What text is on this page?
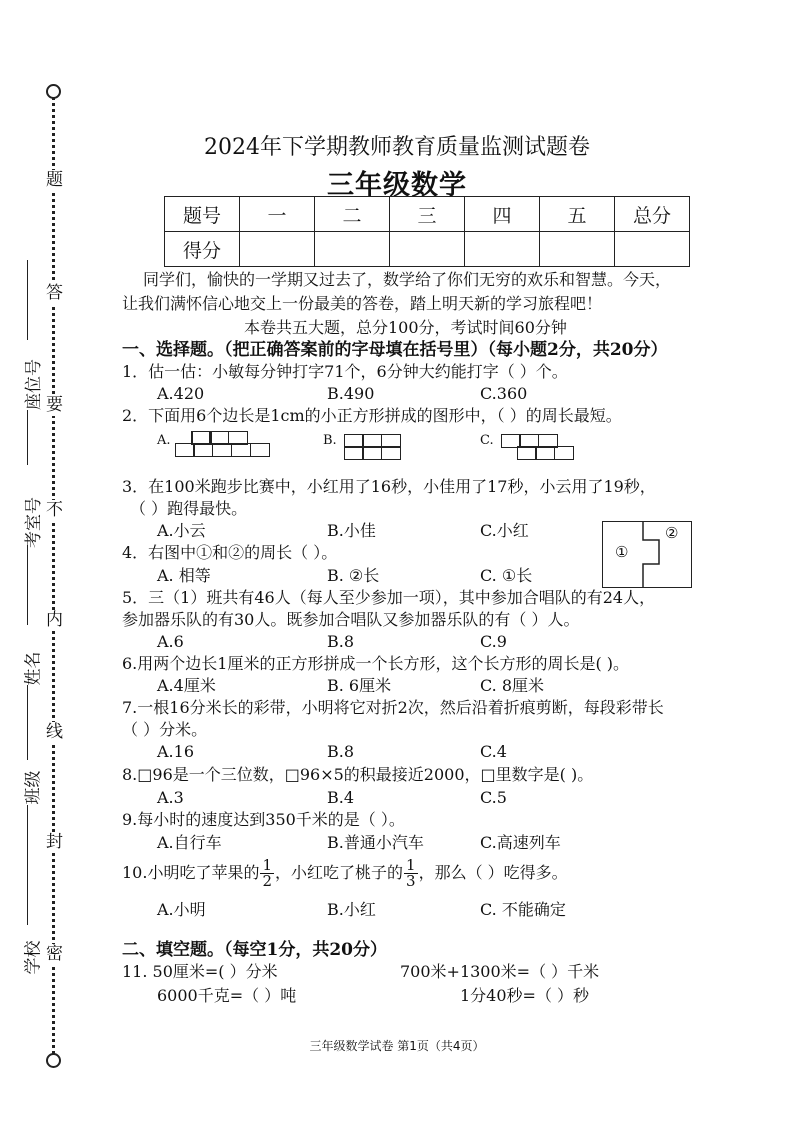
题
答
要
不
内
线
封
密
座位号
考室号
姓名
班级
学校
2024年下学期教师教育质量监测试题卷
三年级数学
题号	一	二	三	四	五	总分
得分						
同学们，愉快的一学期又过去了，数学给了你们无穷的欢乐和智慧。今天，
让我们满怀信心地交上一份最美的答卷，踏上明天新的学习旅程吧！
本卷共五大题，总分100分，考试时间60分钟
一、选择题。（把正确答案前的字母填在括号里）（每小题2分，共20分）
1．估一估：小敏每分钟打字71个，6分钟大约能打字（ ）个。
A.420	B.490	C.360
2．下面用6个边长是1cm的小正方形拼成的图形中，（ ）的周长最短。
A.	B.	C.
3．在100米跑步比赛中，小红用了16秒，小佳用了17秒，小云用了19秒，
（ ）跑得最快。
A.小云	B.小佳	C.小红
4．右图中①和②的周长（ ）。
A. 相等	B. ②长	C. ①长
①
②
5．三（1）班共有46人（每人至少参加一项），其中参加合唱队的有24人，
参加器乐队的有30人。既参加合唱队又参加器乐队的有（ ）人。
A.6	B.8	C.9
6.用两个边长1厘米的正方形拼成一个长方形，这个长方形的周长是( )。
A.4厘米	B. 6厘米	C. 8厘米
7.一根16分米长的彩带，小明将它对折2次，然后沿着折痕剪断，每段彩带长
（ ）分米。
A.16	B.8	C.4
8.□96是一个三位数，□96×5的积最接近2000，□里数字是( )。
A.3	B.4	C.5
9.每小时的速度达到350千米的是（ ）。
A.自行车	B.普通小汽车	C.高速列车
10.小明吃了苹果的 $\frac{1}{2}$ ，小红吃了桃子的 $\frac{1}{3}$ ，那么（ ）吃得多。
A.小明	B.小红	C. 不能确定
二、填空题。（每空1分，共20分）
11. 50厘米=( ）分米	700米+1300米=（ ）千米
6000千克=（ ）吨	1分40秒=（ ）秒
三年级数学试卷 第1页（共4页）
